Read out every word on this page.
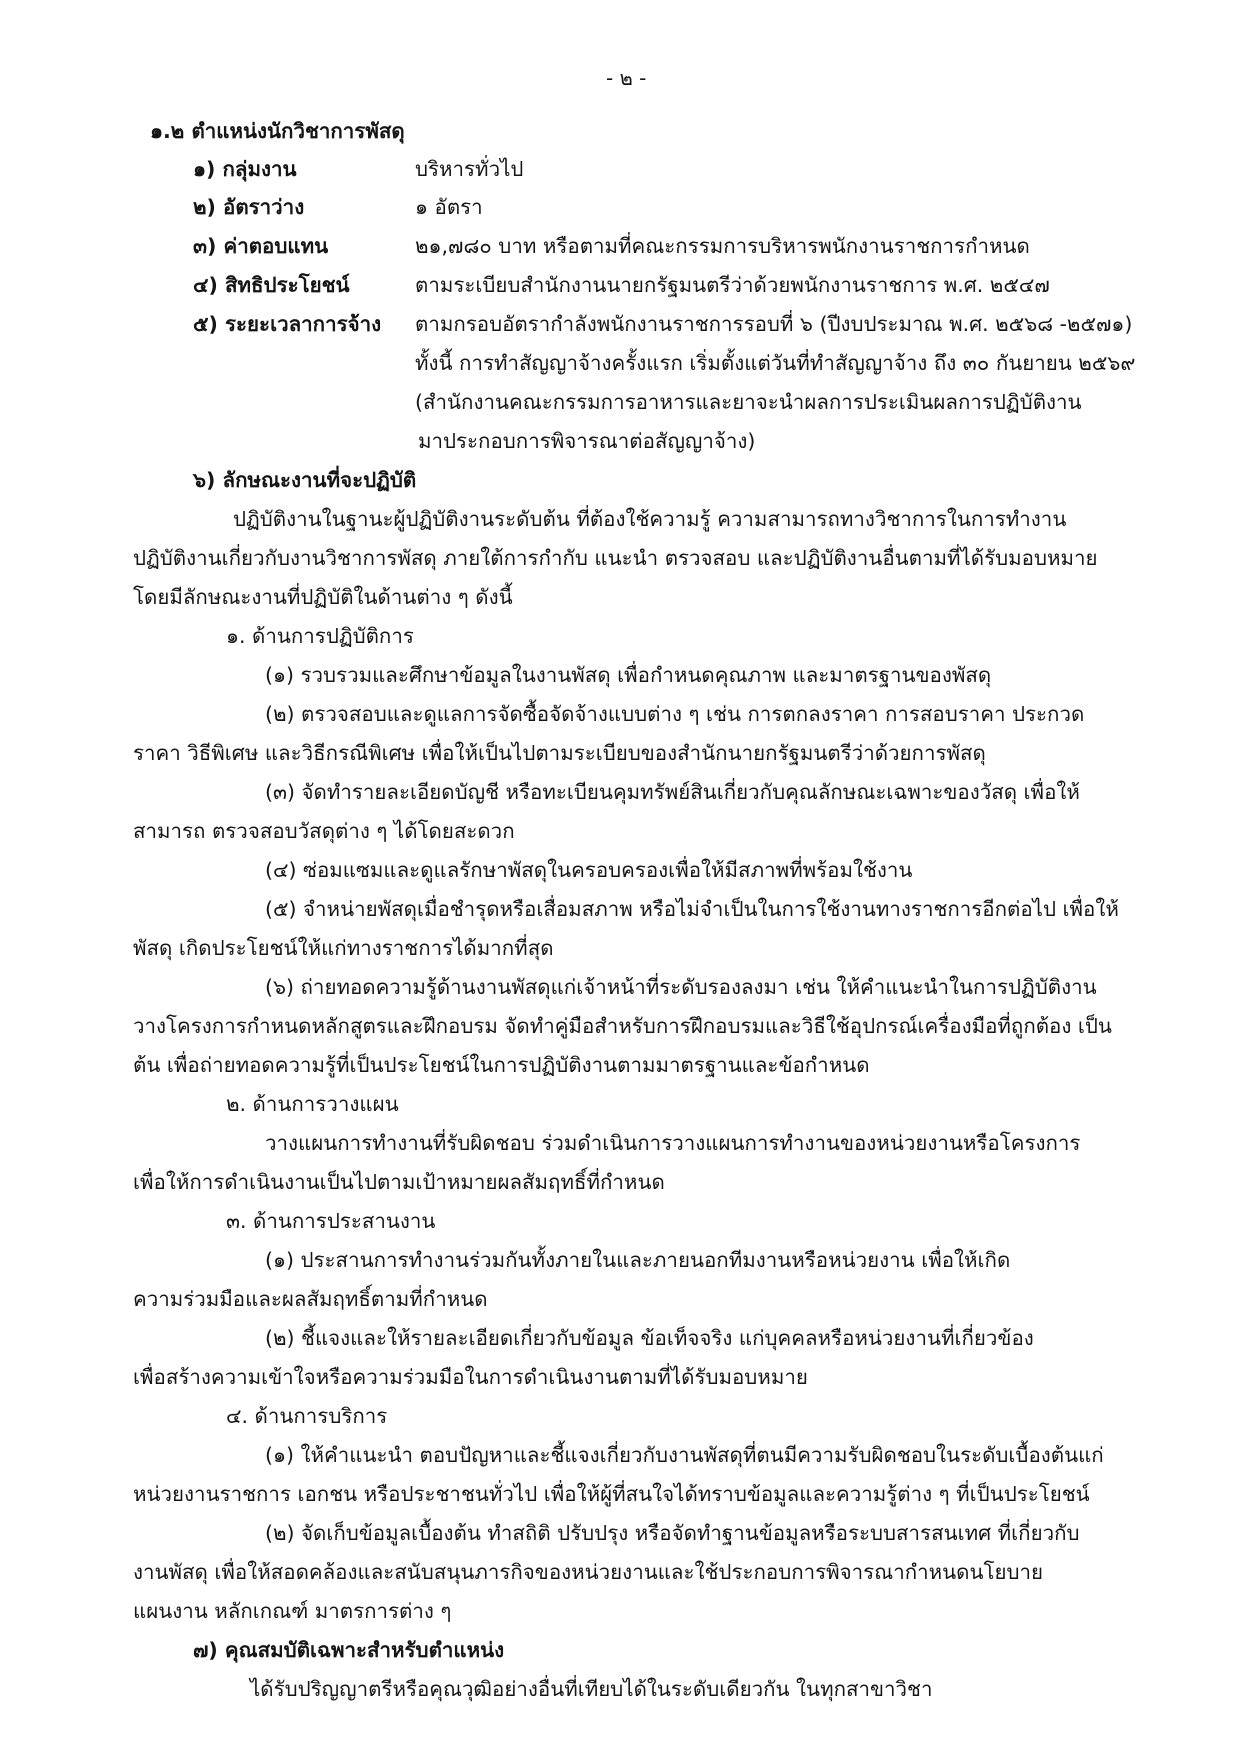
- ๒ -
๑.๒ ตำแหน่งนักวิชาการพัสดุ
๑) กลุ่มงาน	บริหารทั่วไป
๒) อัตราว่าง	๑ อัตรา
๓) ค่าตอบแทน	๒๑,๗๘๐ บาท หรือตามที่คณะกรรมการบริหารพนักงานราชการกำหนด
๔) สิทธิประโยชน์	ตามระเบียบสำนักงานนายกรัฐมนตรีว่าด้วยพนักงานราชการ พ.ศ. ๒๕๔๗
๕) ระยะเวลาการจ้าง ตามกรอบอัตรากำลังพนักงานราชการรอบที่ ๖ (ปีงบประมาณ พ.ศ. ๒๕๖๘ -๒๕๗๑)
ทั้งนี้ การทำสัญญาจ้างครั้งแรก เริ่มตั้งแต่วันที่ทำสัญญาจ้าง ถึง ๓๐ กันยายน ๒๕๖๙
(สำนักงานคณะกรรมการอาหารและยาจะนำผลการประเมินผลการปฏิบัติงาน
มาประกอบการพิจารณาต่อสัญญาจ้าง)
๖) ลักษณะงานที่จะปฏิบัติ
ปฏิบัติงานในฐานะผู้ปฏิบัติงานระดับต้น ที่ต้องใช้ความรู้ ความสามารถทางวิชาการในการทำงาน
ปฏิบัติงานเกี่ยวกับงานวิชาการพัสดุ ภายใต้การกำกับ แนะนำ ตรวจสอบ และปฏิบัติงานอื่นตามที่ได้รับมอบหมาย
โดยมีลักษณะงานที่ปฏิบัติในด้านต่าง ๆ ดังนี้
๑. ด้านการปฏิบัติการ
(๑) รวบรวมและศึกษาข้อมูลในงานพัสดุ เพื่อกำหนดคุณภาพ และมาตรฐานของพัสดุ
(๒) ตรวจสอบและดูแลการจัดซื้อจัดจ้างแบบต่าง ๆ เช่น การตกลงราคา การสอบราคา ประกวด
ราคา วิธีพิเศษ และวิธีกรณีพิเศษ เพื่อให้เป็นไปตามระเบียบของสำนักนายกรัฐมนตรีว่าด้วยการพัสดุ
(๓) จัดทำรายละเอียดบัญชี หรือทะเบียนคุมทรัพย์สินเกี่ยวกับคุณลักษณะเฉพาะของวัสดุ เพื่อให้
สามารถ ตรวจสอบวัสดุต่าง ๆ ได้โดยสะดวก
(๔) ซ่อมแซมและดูแลรักษาพัสดุในครอบครองเพื่อให้มีสภาพที่พร้อมใช้งาน
(๕) จำหน่ายพัสดุเมื่อชำรุดหรือเสื่อมสภาพ หรือไม่จำเป็นในการใช้งานทางราชการอีกต่อไป เพื่อให้
พัสดุ เกิดประโยชน์ให้แก่ทางราชการได้มากที่สุด
(๖) ถ่ายทอดความรู้ด้านงานพัสดุแก่เจ้าหน้าที่ระดับรองลงมา เช่น ให้คำแนะนำในการปฏิบัติงาน
วางโครงการกำหนดหลักสูตรและฝึกอบรม จัดทำคู่มือสำหรับการฝึกอบรมและวิธีใช้อุปกรณ์เครื่องมือที่ถูกต้อง เป็น
ต้น เพื่อถ่ายทอดความรู้ที่เป็นประโยชน์ในการปฏิบัติงานตามมาตรฐานและข้อกำหนด
๒. ด้านการวางแผน
วางแผนการทำงานที่รับผิดชอบ ร่วมดำเนินการวางแผนการทำงานของหน่วยงานหรือโครงการ
เพื่อให้การดำเนินงานเป็นไปตามเป้าหมายผลสัมฤทธิ์ที่กำหนด
๓. ด้านการประสานงาน
(๑) ประสานการทำงานร่วมกันทั้งภายในและภายนอกทีมงานหรือหน่วยงาน เพื่อให้เกิด
ความร่วมมือและผลสัมฤทธิ์ตามที่กำหนด
(๒) ชี้แจงและให้รายละเอียดเกี่ยวกับข้อมูล ข้อเท็จจริง แก่บุคคลหรือหน่วยงานที่เกี่ยวข้อง
เพื่อสร้างความเข้าใจหรือความร่วมมือในการดำเนินงานตามที่ได้รับมอบหมาย
๔. ด้านการบริการ
(๑) ให้คำแนะนำ ตอบปัญหาและชี้แจงเกี่ยวกับงานพัสดุที่ตนมีความรับผิดชอบในระดับเบื้องต้นแก่
หน่วยงานราชการ เอกชน หรือประชาชนทั่วไป เพื่อให้ผู้ที่สนใจได้ทราบข้อมูลและความรู้ต่าง ๆ ที่เป็นประโยชน์
(๒) จัดเก็บข้อมูลเบื้องต้น ทำสถิติ ปรับปรุง หรือจัดทำฐานข้อมูลหรือระบบสารสนเทศ ที่เกี่ยวกับ
งานพัสดุ เพื่อให้สอดคล้องและสนับสนุนภารกิจของหน่วยงานและใช้ประกอบการพิจารณากำหนดนโยบาย
แผนงาน หลักเกณฑ์ มาตรการต่าง ๆ
๗) คุณสมบัติเฉพาะสำหรับตำแหน่ง
ได้รับปริญญาตรีหรือคุณวุฒิอย่างอื่นที่เทียบได้ในระดับเดียวกัน ในทุกสาขาวิชา
